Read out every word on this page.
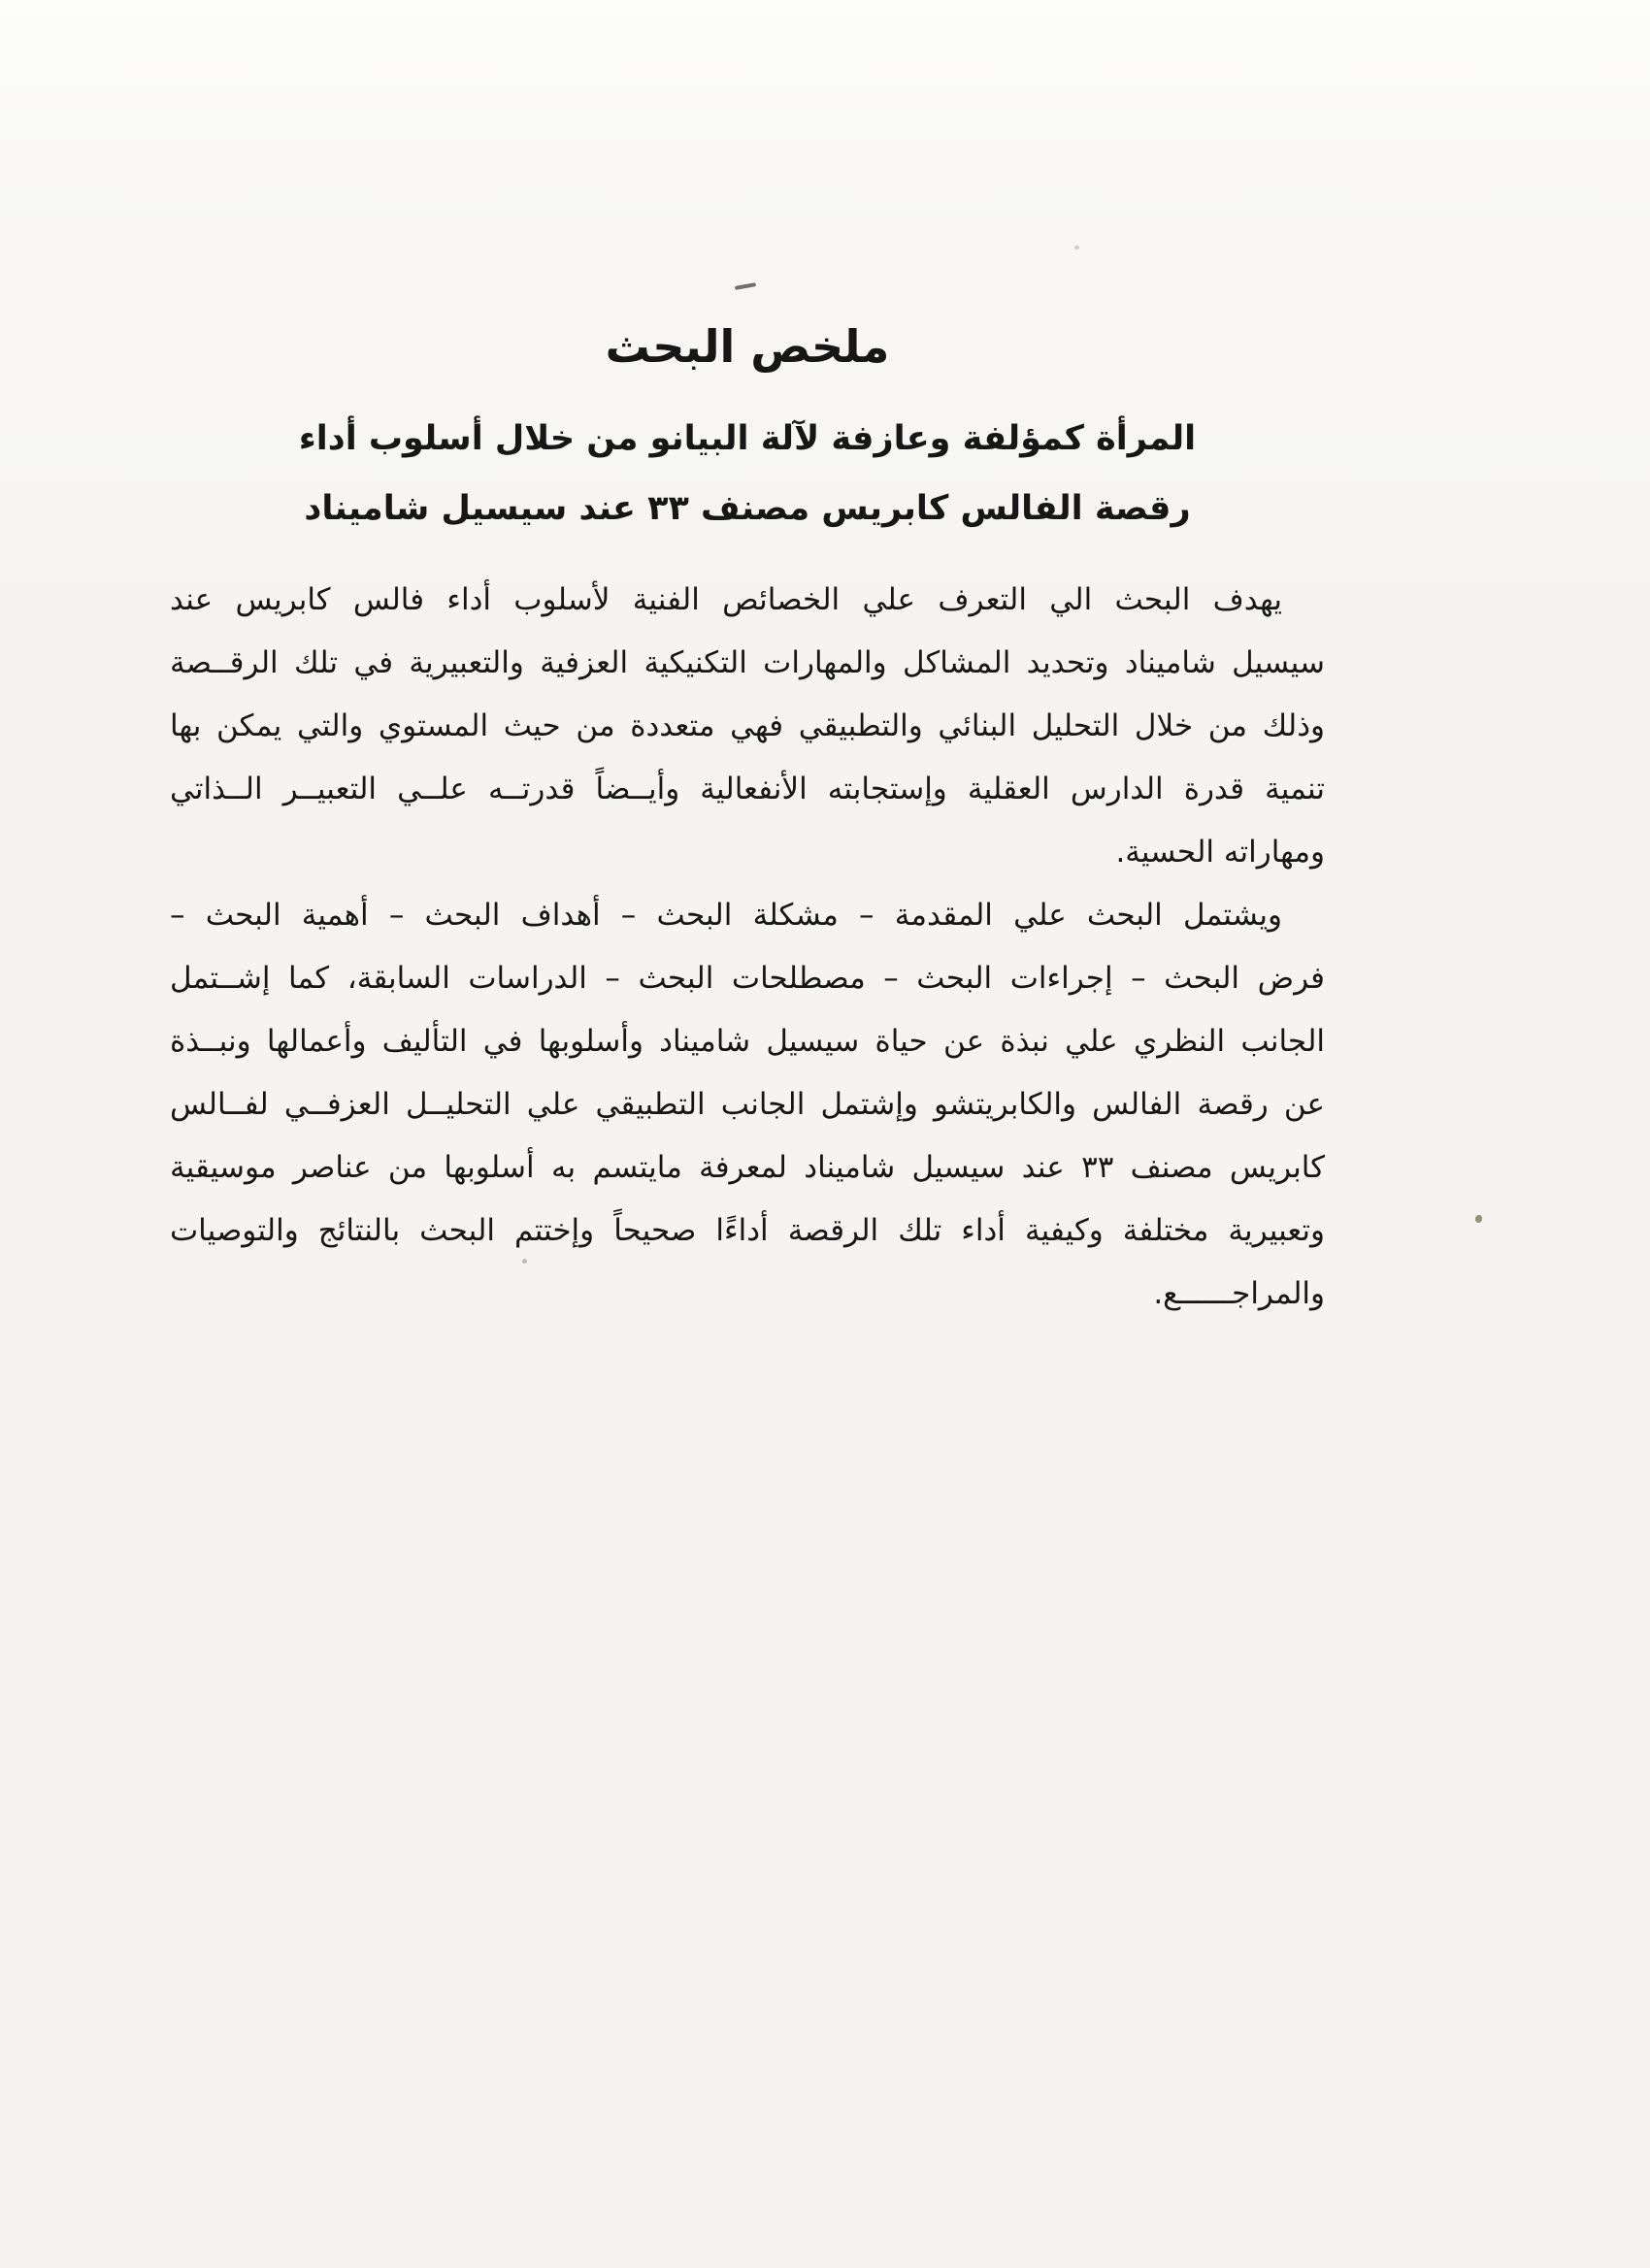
ملخص البحث
المرأة كمؤلفة وعازفة لآلة البيانو من خلال أسلوب أداء
رقصة الفالس كابريس مصنف ٣٣ عند سيسيل شاميناد
يهدف البحث الي التعرف علي الخصائص الفنية لأسلوب أداء فالس كابريس عند
سيسيل شاميناد وتحديد المشاكل والمهارات التكنيكية العزفية والتعبيرية في تلك الرقــصة
وذلك من خلال التحليل البنائي والتطبيقي فهي متعددة من حيث المستوي والتي يمكن بها
تنمية قدرة الدارس العقلية وإستجابته الأنفعالية وأيــضاً قدرتــه علــي التعبيــر الــذاتي
ومهاراته الحسية.
ويشتمل البحث علي المقدمة – مشكلة البحث – أهداف البحث – أهمية البحث –
فرض البحث – إجراءات البحث – مصطلحات البحث – الدراسات السابقة، كما إشــتمل
الجانب النظري علي نبذة عن حياة سيسيل شاميناد وأسلوبها في التأليف وأعمالها ونبــذة
عن رقصة الفالس والكابريتشو وإشتمل الجانب التطبيقي علي التحليــل العزفــي لفــالس
كابريس مصنف ٣٣ عند سيسيل شاميناد لمعرفة مايتسم به أسلوبها من عناصر موسيقية
وتعبيرية مختلفة وكيفية أداء تلك الرقصة أداءًا صحيحاً وإختتم البحث بالنتائج والتوصيات
والمراجــــــع.
